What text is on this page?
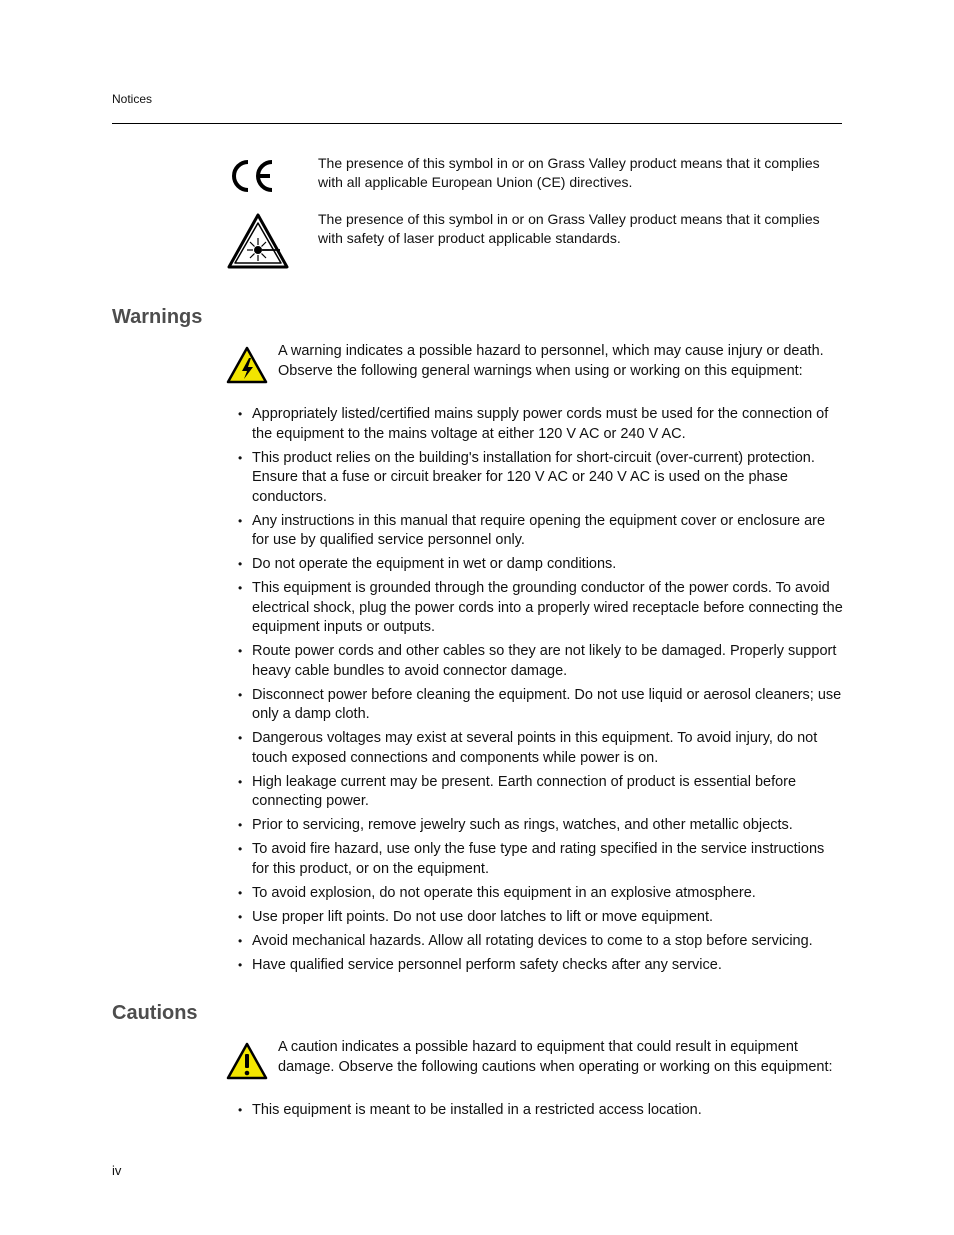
Notices
The presence of this symbol in or on Grass Valley product means that it complies with all applicable European Union (CE) directives.
The presence of this symbol in or on Grass Valley product means that it complies with safety of laser product applicable standards.
Warnings
A warning indicates a possible hazard to personnel, which may cause injury or death. Observe the following general warnings when using or working on this equipment:
• Appropriately listed/certified mains supply power cords must be used for the connection of the equipment to the mains voltage at either 120 V AC or 240 V AC.
• This product relies on the building's installation for short-circuit (over-current) protection. Ensure that a fuse or circuit breaker for 120 V AC or 240 V AC is used on the phase conductors.
• Any instructions in this manual that require opening the equipment cover or enclosure are for use by qualified service personnel only.
• Do not operate the equipment in wet or damp conditions.
• This equipment is grounded through the grounding conductor of the power cords. To avoid electrical shock, plug the power cords into a properly wired receptacle before connecting the equipment inputs or outputs.
• Route power cords and other cables so they are not likely to be damaged. Properly support heavy cable bundles to avoid connector damage.
• Disconnect power before cleaning the equipment. Do not use liquid or aerosol cleaners; use only a damp cloth.
• Dangerous voltages may exist at several points in this equipment. To avoid injury, do not touch exposed connections and components while power is on.
• High leakage current may be present. Earth connection of product is essential before connecting power.
• Prior to servicing, remove jewelry such as rings, watches, and other metallic objects.
• To avoid fire hazard, use only the fuse type and rating specified in the service instructions for this product, or on the equipment.
• To avoid explosion, do not operate this equipment in an explosive atmosphere.
• Use proper lift points. Do not use door latches to lift or move equipment.
• Avoid mechanical hazards. Allow all rotating devices to come to a stop before servicing.
• Have qualified service personnel perform safety checks after any service.
Cautions
A caution indicates a possible hazard to equipment that could result in equipment damage. Observe the following cautions when operating or working on this equipment:
• This equipment is meant to be installed in a restricted access location.
iv
